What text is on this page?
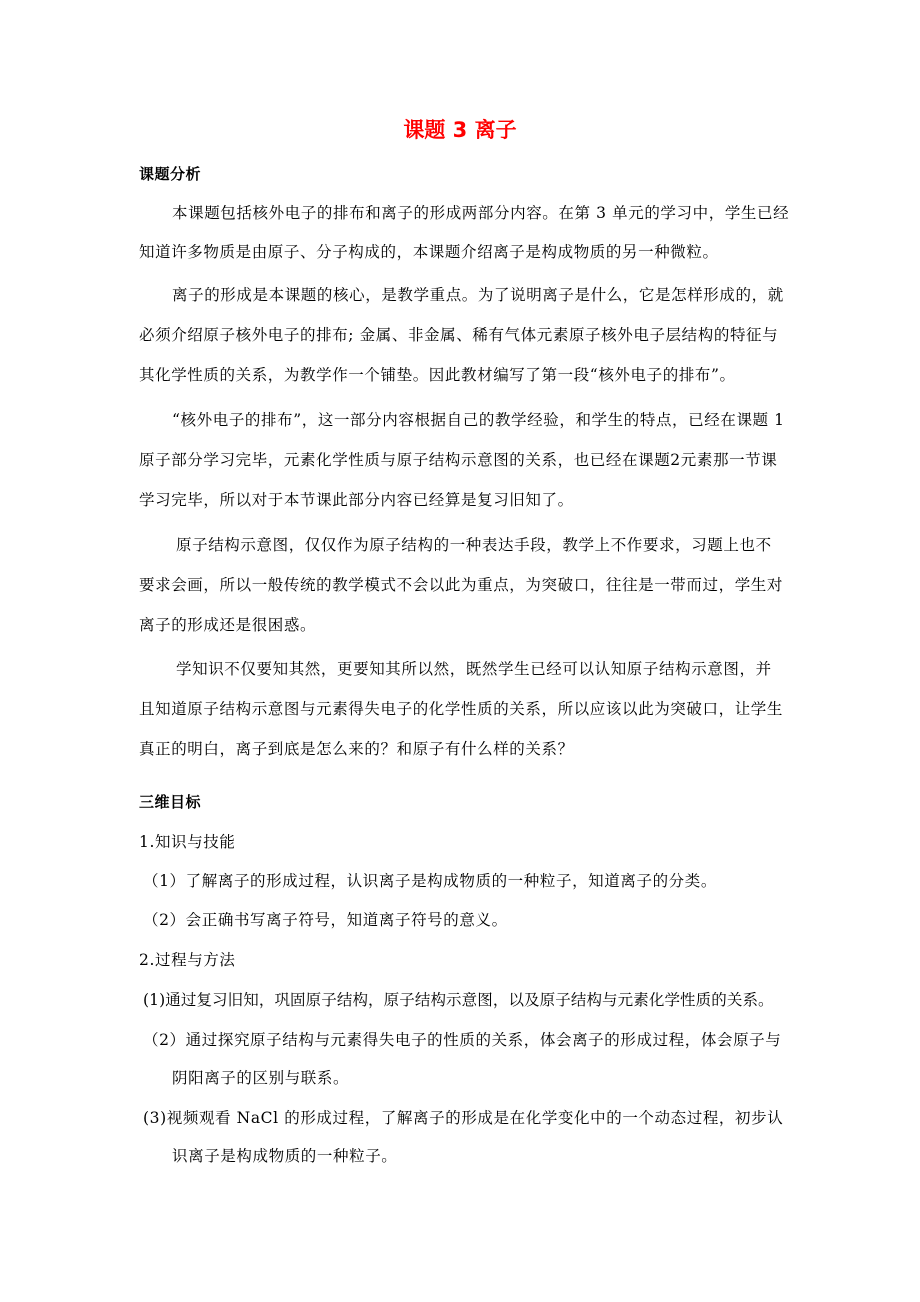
课题 3 离子
课题分析
本课题包括核外电子的排布和离子的形成两部分内容。在第 3 单元的学习中，学生已经
知道许多物质是由原子、分子构成的，本课题介绍离子是构成物质的另一种微粒。
离子的形成是本课题的核心，是教学重点。为了说明离子是什么，它是怎样形成的，就
必须介绍原子核外电子的排布; 金属、非金属、稀有气体元素原子核外电子层结构的特征与
其化学性质的关系，为教学作一个铺垫。因此教材编写了第一段“核外电子的排布”。
“核外电子的排布”，这一部分内容根据自己的教学经验，和学生的特点，已经在课题 1
原子部分学习完毕，元素化学性质与原子结构示意图的关系，也已经在课题2元素那一节课
学习完毕，所以对于本节课此部分内容已经算是复习旧知了。
原子结构示意图，仅仅作为原子结构的一种表达手段，教学上不作要求，习题上也不
要求会画，所以一般传统的教学模式不会以此为重点，为突破口，往往是一带而过，学生对
离子的形成还是很困惑。
学知识不仅要知其然，更要知其所以然，既然学生已经可以认知原子结构示意图，并
且知道原子结构示意图与元素得失电子的化学性质的关系，所以应该以此为突破口，让学生
真正的明白，离子到底是怎么来的？和原子有什么样的关系？
三维目标
1.知识与技能
（1）了解离子的形成过程，认识离子是构成物质的一种粒子，知道离子的分类。
（2）会正确书写离子符号，知道离子符号的意义。
2.过程与方法
(1)通过复习旧知，巩固原子结构，原子结构示意图，以及原子结构与元素化学性质的关系。
（2）通过探究原子结构与元素得失电子的性质的关系，体会离子的形成过程，体会原子与
阴阳离子的区别与联系。
(3)视频观看 NaCl 的形成过程，了解离子的形成是在化学变化中的一个动态过程，初步认
识离子是构成物质的一种粒子。
